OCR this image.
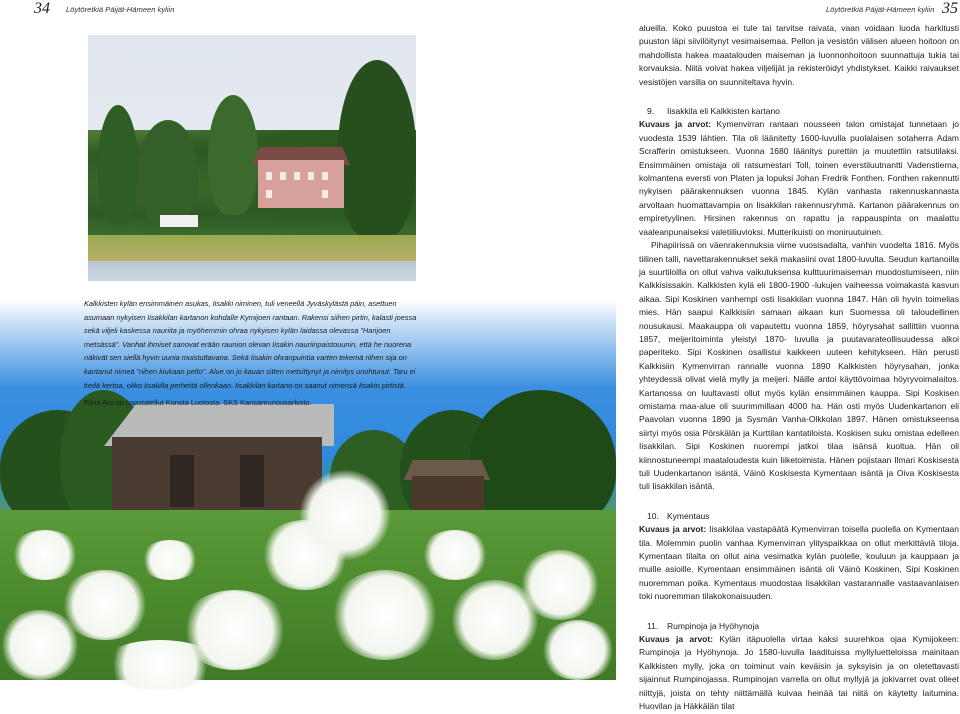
Kalkkisten kylän ensimmäinen asukas, Iisakki niminen, tuli veneellä Jyväskylästä päin, asettuen asumaan nykyisen Iisakkilan kartanon kohdalle Kymijoen rantaan. Rakensi siihen pirtin, kalasti joessa sekä viljeli kaskessa nauriita ja myöhemmin ohraa nykyisen kylän laidassa olevassa ”Hanjoen metsässä”. Vanhat ihmiset sanovat erään raunion olevan Iisakin nauriinpaistouunin, että he nuorena näkivät sen siellä hyvin uunia muistuttavana. Sekä Iisakin ohranpuintia varten tekemä riihen sija on kantanut nimeä ”riihen kiukaan pelto”. Alue on jo kauan sitten metsittynyt ja nimitys unohtunut. Taru ei tiedä kertoa, oliko Iisakilla perhettä ollenkaan. Iisakkilan kartano on saanut nimensä Iisakin pirtistä.

Elina Aro on haastatellut Konsta Luotosta. SKS Kansanrunousarkisto.

34 Löytöretkiä Päijät-Hämeen kyliin	Löytöretkiä Päijät-Hämeen kyliin 35

alueilla. Koko puustoa ei tule tai tarvitse raivata, vaan voidaan luoda harkitusti puuston läpi siivilöitynyt vesimaisemaa. Pellon ja vesistön välisen alueen hoitoon on mahdollista hakea maatalouden maiseman ja luonnonhoitoon suunnattuja tukia tai korvauksia. Niitä voivat hakea viljelijät ja rekisteröidyt yhdistykset. Kaikki raivaukset vesistöjen varsilla on suunniteltava hyvin.

9. Iisakkila eli Kalkkisten kartano

Kuvaus ja arvot: Kymenvirran rantaan nousseen talon omistajat tunnetaan jo vuodesta 1539 lähtien. Tila oli läänitetty 1600-luvulla puolalaisen sotaherra Adam Scrafferin omistukseen. Vuonna 1680 läänitys purettiin ja muutettiin ratsutilaksi. Ensimmäinen omistaja oli ratsumestari Toll, toinen everstiluutnantti Vadenstierna, kolmantena eversti von Platen ja lopuksi Johan Fredrik Fonthen. Fonthen rakennutti nykyisen päärakennuksen vuonna 1845. Kylän vanhasta rakennuskannasta arvoltaan huomattavampia on Iisakkilan rakennusryhmä. Kartanon päärakennus on empiretyylinen. Hirsinen rakennus on rapattu ja rappauspinta on maalattu vaaleanpunaiseksi valetiiliuvioksi. Mutterikuisti on moniruutuinen.

Pihapiirissä on väenrakennuksia viime vuosisadalta, vanhin vuodelta 1816. Myös tiilinen talli, navettarakennukset sekä makasiini ovat 1800-luvulta. Seudun kartanoilla ja suurtiloilla on ollut vahva vaikutuksensa kulttuurimaiseman muodostumiseen, niin Kalkkisissakin. Kalkkisten kylä eli 1800-1900 -lukujen vaiheessa voimakasta kasvun aikaa. Sipi Koskinen vanhempi osti Iisakkilan vuonna 1847. Hän oli hyvin toimelias mies. Hän saapui Kalkkisiin samaan aikaan kun Suomessa oli taloudellinen nousukausi. Maakauppa oli vapautettu vuonna 1859, höyrysahat sallittiin vuonna 1857, meijeritoiminta yleistyi 1870- luvulla ja puutavarateollisuudessa alkoi paperiteko. Sipi Koskinen osallistui kaikkeen uuteen kehitykseen. Hän perusti Kalkkisiin Kymenvirran rannalle vuonna 1890 Kalkkisten höyrysahan, jonka yhteydessä olivat vielä mylly ja meijeri. Näille antoi käyttövoimaa höyryvoimalaitos. Kartanossa on luultavasti ollut myös kylän ensimmäinen kauppa. Sipi Koskisen omistama maa-alue oli suurimmillaan 4000 ha. Hän osti myös Uudenkartanon eli Paavolan vuonna 1890 ja Sysmän Vanha-Olkkolan 1897. Hänen omistukseensa siirtyi myös osia Pörskälän ja Kurttilan kantatiloista. Koskisen suku omistaa edelleen Iisakkilan. Sipi Koskinen nuorempi jatkoi tilaa isänsä kuoltua. Hän oli kiinnostuneempi maataloudesta kuin liiketoimista. Hänen pojistaan Ilmari Koskisesta tuli Uudenkartanon isäntä, Väinö Koskisesta Kymentaan isäntä ja Oiva Koskisesta tuli Iisakkilan isäntä.

10. Kymentaus

Kuvaus ja arvot: Iisakkilaa vastapäätä Kymenvirran toisella puolella on Kymentaan tila. Molemmin puolin vanhaa Kymenvirran ylityspaikkaa on ollut merkittäviä tiloja. Kymentaan tilalta on ollut aina vesimatka kylän puolelle, kouluun ja kauppaan ja muille asioille. Kymentaan ensimmäinen isäntä oli Väinö Koskinen, Sipi Koskinen nuoremman poika. Kymentaus muodostaa Iisakkilan vastarannalle vastaavanlaisen toki nuoremman tilakokonaisuuden.

11. Rumpinoja ja Hyöhynoja

Kuvaus ja arvot: Kylän itäpuolella virtaa kaksi suurehkoa ojaa Kymijokeen: Rumpinoja ja Hyöhynoja. Jo 1580-luvulla laadituissa myllyluetteloissa mainitaan Kalkkisten mylly, joka on toiminut vain keväisin ja syksyisin ja on oletettavasti sijainnut Rumpinojassa. Rumpinojan varrella on ollut myllyjä ja jokivarret ovat olleet niittyjä, joista on tehty niittämällä kuivaa heinää tai niitä on käytetty laitumina. Huovilan ja Häkkälän tilat
